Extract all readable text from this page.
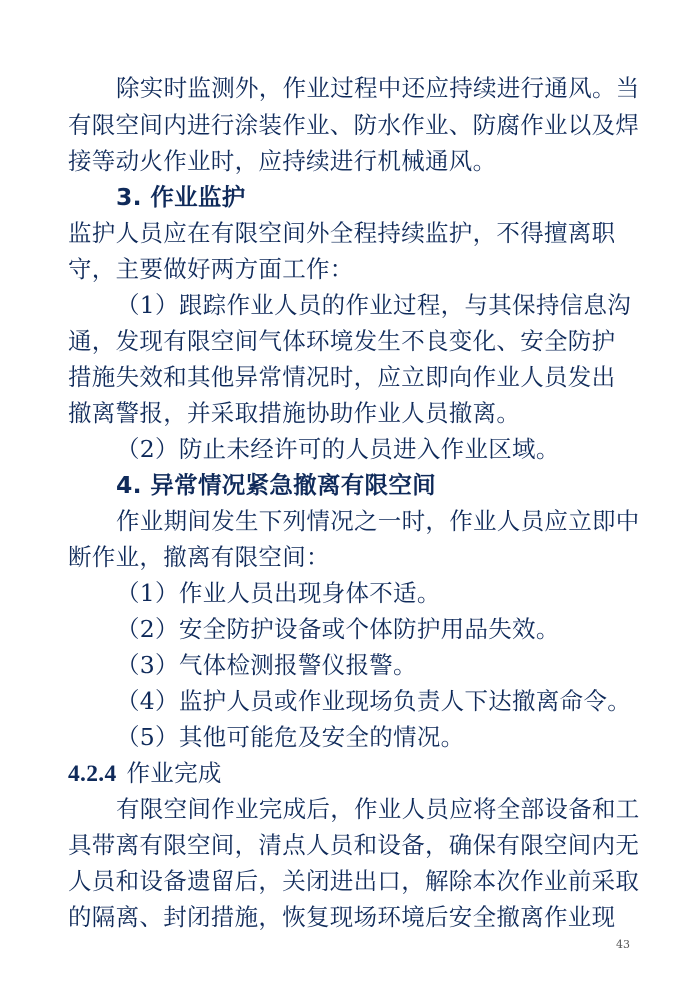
除实时监测外，作业过程中还应持续进行通风。当
有限空间内进行涂装作业、防水作业、防腐作业以及焊
接等动火作业时，应持续进行机械通风。
3. 作业监护
监护人员应在有限空间外全程持续监护，不得擅离职
守，主要做好两方面工作：
（1）跟踪作业人员的作业过程，与其保持信息沟
通，发现有限空间气体环境发生不良变化、安全防护
措施失效和其他异常情况时，应立即向作业人员发出
撤离警报，并采取措施协助作业人员撤离。
（2）防止未经许可的人员进入作业区域。
4. 异常情况紧急撤离有限空间
作业期间发生下列情况之一时，作业人员应立即中
断作业，撤离有限空间：
（1）作业人员出现身体不适。
（2）安全防护设备或个体防护用品失效。
（3）气体检测报警仪报警。
（4）监护人员或作业现场负责人下达撤离命令。
（5）其他可能危及安全的情况。
4.2.4 作业完成
有限空间作业完成后，作业人员应将全部设备和工
具带离有限空间，清点人员和设备，确保有限空间内无
人员和设备遗留后，关闭进出口，解除本次作业前采取
的隔离、封闭措施，恢复现场环境后安全撤离作业现
43
